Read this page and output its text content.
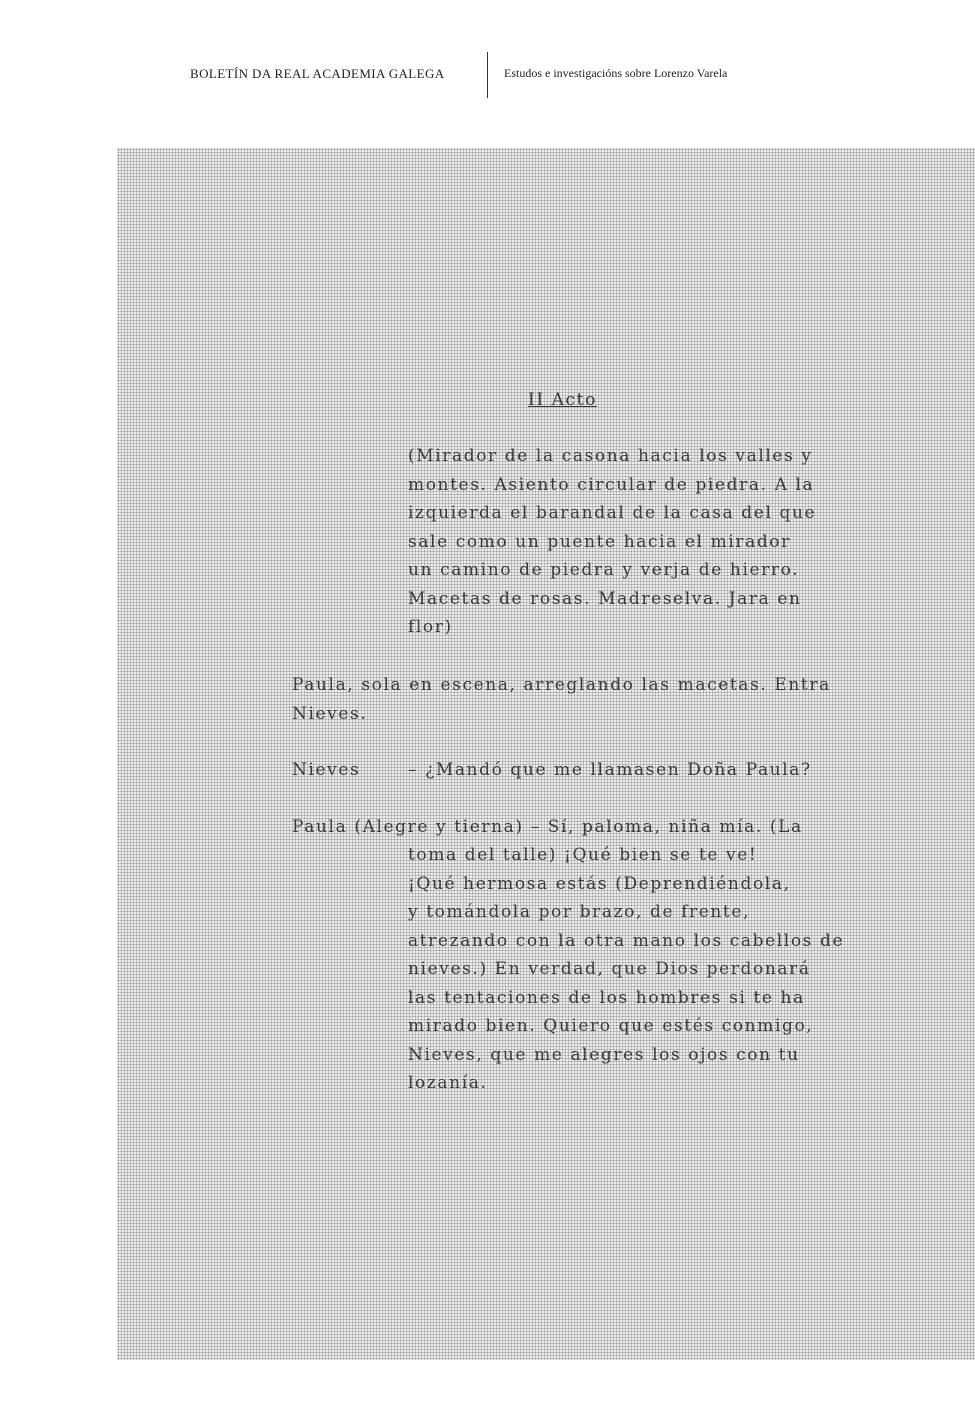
BOLETÍN DA REAL ACADEMIA GALEGA	Estudos e investigacións sobre Lorenzo Varela
II Acto
(Mirador de la casona hacia los valles y
montes. Asiento circular de piedra. A la
izquierda el barandal de la casa del que
sale como un puente hacia el mirador
un camino de piedra y verja de hierro.
Macetas de rosas. Madreselva. Jara en
flor)
Paula, sola en escena, arreglando las macetas. Entra
Nieves.
Nieves	– ¿Mandó que me llamasen Doña Paula?
Paula (Alegre y tierna) – Sí, paloma, niña mía. (La
toma del talle) ¡Qué bien se te ve!
¡Qué hermosa estás (Deprendiéndola,
y tomándola por brazo, de frente,
atrezando con la otra mano los cabellos de
nieves.) En verdad, que Dios perdonará
las tentaciones de los hombres si te ha
mirado bien. Quiero que estés conmigo,
Nieves, que me alegres los ojos con tu
lozanía.
